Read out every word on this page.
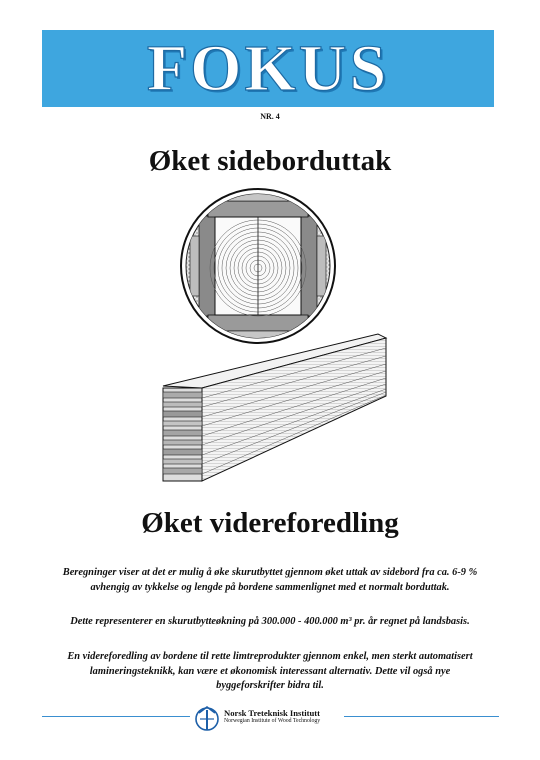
FOKUS
NR. 4
Øket sideborduttak
Øket videreforedling
Beregninger viser at det er mulig å øke skurutbyttet gjennom øket uttak av sidebord fra ca. 6-9 % avhengig av tykkelse og lengde på bordene sammenlignet med et normalt borduttak.
Dette representerer en skurutbytteøkning på 300.000 - 400.000 m³ pr. år regnet på landsbasis.
En videreforedling av bordene til rette limtreprodukter gjennom enkel, men sterkt automatisert lamineringsteknikk, kan være et økonomisk interessant alternativ. Dette vil også nye byggeforskrifter bidra til.
Norsk Treteknisk Institutt
Norwegian Institute of Wood Technology
